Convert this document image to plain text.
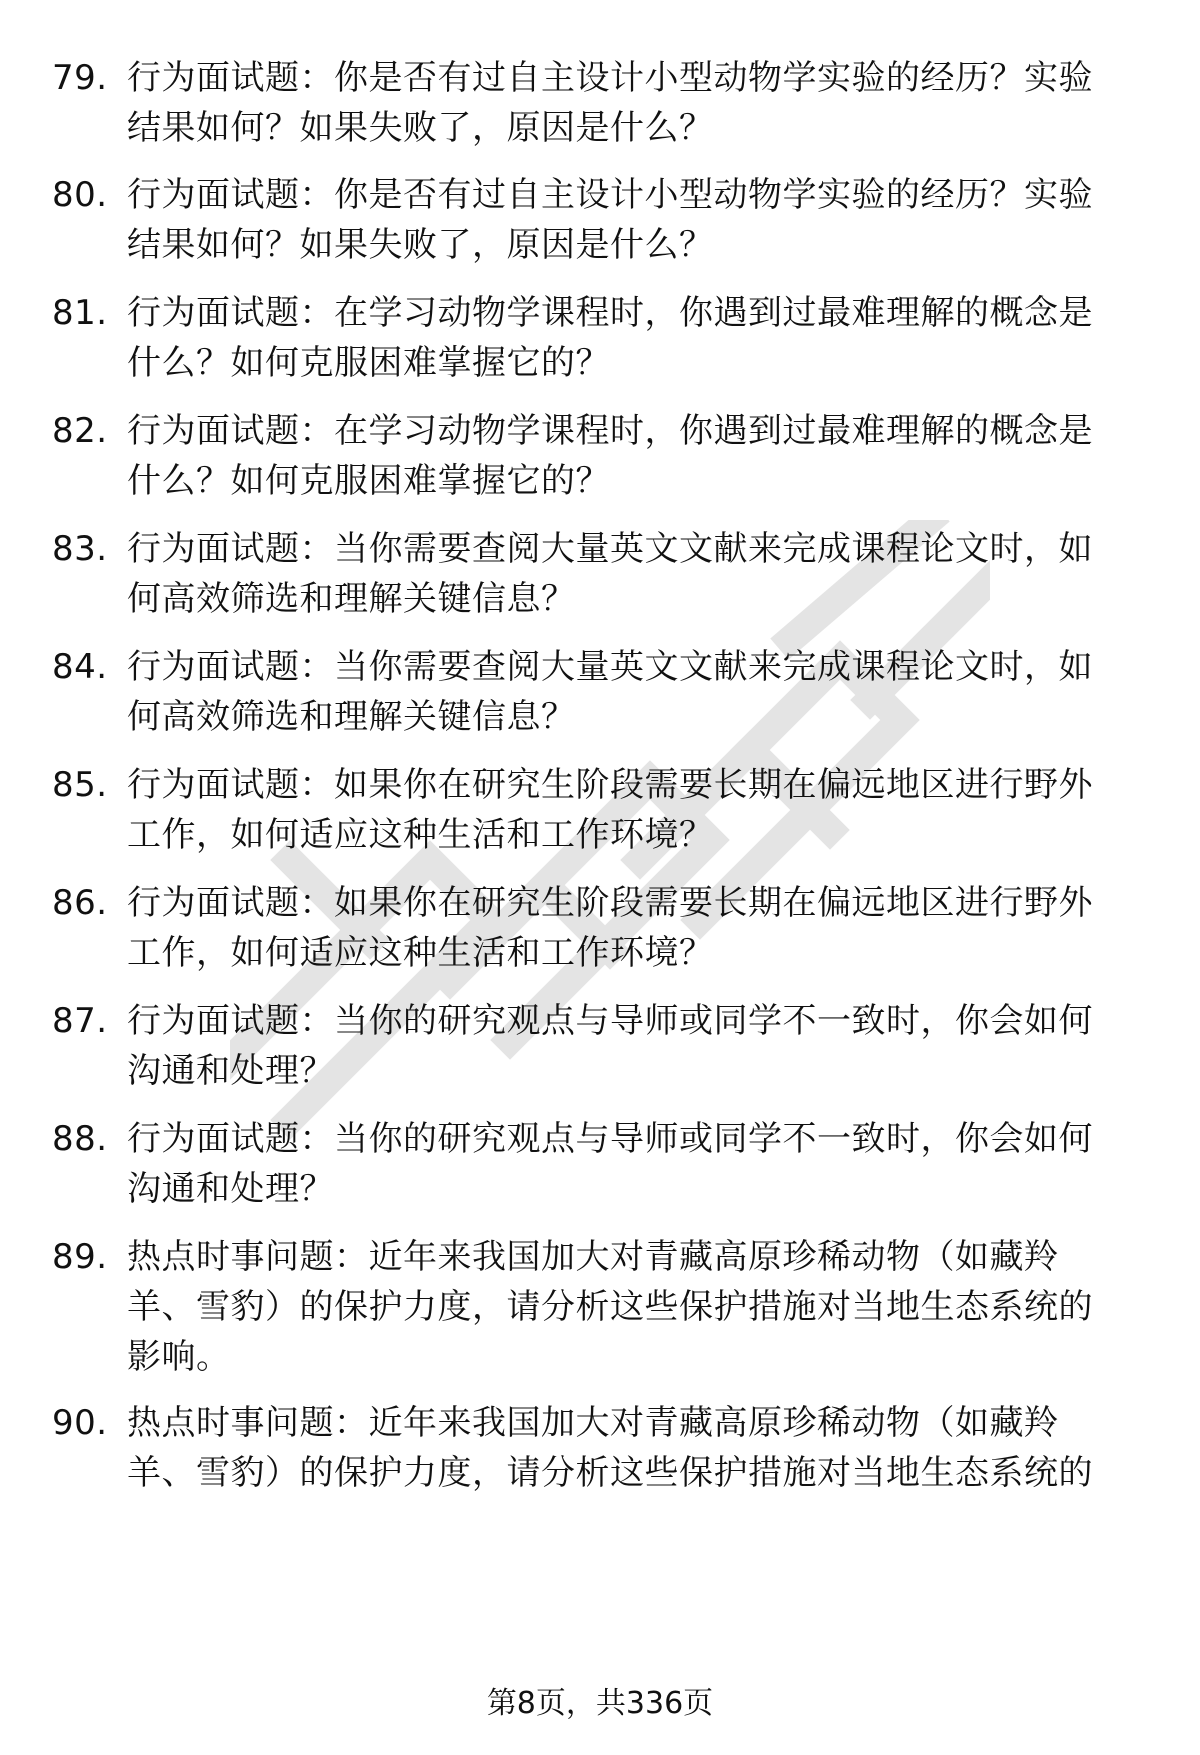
79. 行为面试题：你是否有过自主设计小型动物学实验的经历？实验
结果如何？如果失败了，原因是什么？
80. 行为面试题：你是否有过自主设计小型动物学实验的经历？实验
结果如何？如果失败了，原因是什么？
81. 行为面试题：在学习动物学课程时，你遇到过最难理解的概念是
什么？如何克服困难掌握它的？
82. 行为面试题：在学习动物学课程时，你遇到过最难理解的概念是
什么？如何克服困难掌握它的？
83. 行为面试题：当你需要查阅大量英文文献来完成课程论文时，如
何高效筛选和理解关键信息？
84. 行为面试题：当你需要查阅大量英文文献来完成课程论文时，如
何高效筛选和理解关键信息？
85. 行为面试题：如果你在研究生阶段需要长期在偏远地区进行野外
工作，如何适应这种生活和工作环境？
86. 行为面试题：如果你在研究生阶段需要长期在偏远地区进行野外
工作，如何适应这种生活和工作环境？
87. 行为面试题：当你的研究观点与导师或同学不一致时，你会如何
沟通和处理？
88. 行为面试题：当你的研究观点与导师或同学不一致时，你会如何
沟通和处理？
89. 热点时事问题：近年来我国加大对青藏高原珍稀动物（如藏羚
羊、雪豹）的保护力度，请分析这些保护措施对当地生态系统的
影响。
90. 热点时事问题：近年来我国加大对青藏高原珍稀动物（如藏羚
羊、雪豹）的保护力度，请分析这些保护措施对当地生态系统的
第8页，共336页
